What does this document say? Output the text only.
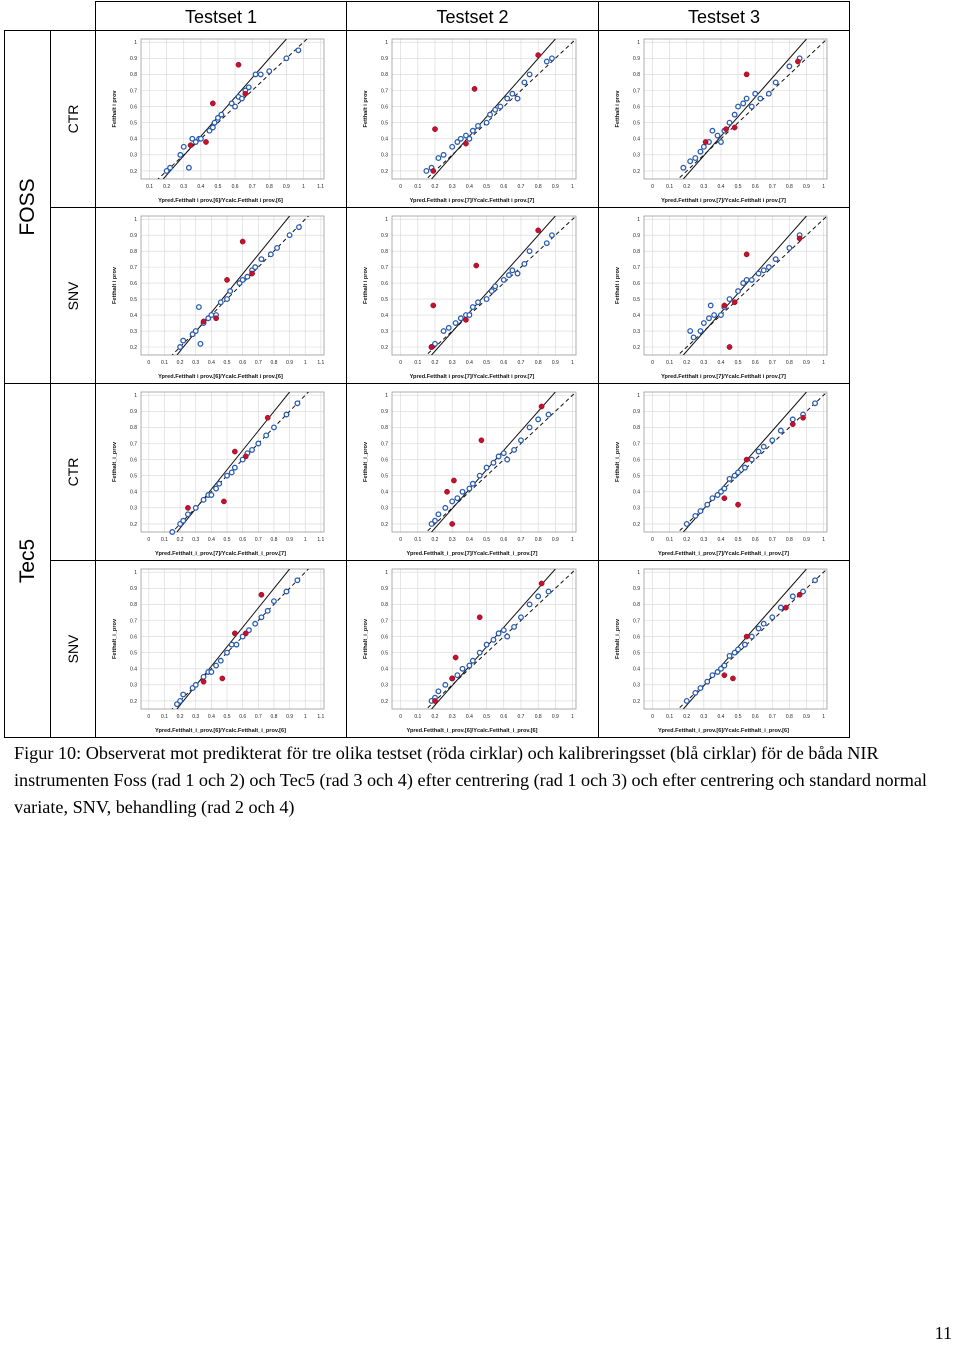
Testset 1	Testset 2	Testset 3
FOSS
Tec5
CTR
SNV
CTR
SNV
0.1 0.2 0.3 0.4 0.5 0.6 0.7 0.8 0.9 1 1.1
1
0.9
0.8
0.7
0.6
0.5
0.4
0.3
0.2
Ypred.Fetthalt i prov.[6]/Ycalc.Fetthalt i prov.[6]
Fetthalt i prov
0 0.1 0.2 0.3 0.4 0.5 0.6 0.7 0.8 0.9 1
1
0.9
0.8
0.7
0.6
0.5
0.4
0.3
0.2
Ypred.Fetthalt i prov.[7]/Ycalc.Fetthalt i prov.[7]
Fetthalt i prov
0 0.1 0.2 0.3 0.4 0.5 0.6 0.7 0.8 0.9 1
1
0.9
0.8
0.7
0.6
0.5
0.4
0.3
0.2
Ypred.Fetthalt i prov.[7]/Ycalc.Fetthalt i prov.[7]
Fetthalt i prov
0 0.1 0.2 0.3 0.4 0.5 0.6 0.7 0.8 0.9 1 1.1
1
0.9
0.8
0.7
0.6
0.5
0.4
0.3
0.2
Ypred.Fetthalt i prov.[6]/Ycalc.Fetthalt i prov.[6]
Fetthalt i prov
0 0.1 0.2 0.3 0.4 0.5 0.6 0.7 0.8 0.9 1
1
0.9
0.8
0.7
0.6
0.5
0.4
0.3
0.2
Ypred.Fetthalt i prov.[7]/Ycalc.Fetthalt i prov.[7]
Fetthalt i prov
0 0.1 0.2 0.3 0.4 0.5 0.6 0.7 0.8 0.9 1
1
0.9
0.8
0.7
0.6
0.5
0.4
0.3
0.2
Ypred.Fetthalt i prov.[7]/Ycalc.Fetthalt i prov.[7]
Fetthalt i prov
0 0.1 0.2 0.3 0.4 0.5 0.6 0.7 0.8 0.9 1 1.1
1
0.9
0.8
0.7
0.6
0.5
0.4
0.3
0.2
Ypred.Fetthalt_i_prov.[7]/Ycalc.Fetthalt_i_prov.[7]
Fetthalt_i_prov
0 0.1 0.2 0.3 0.4 0.5 0.6 0.7 0.8 0.9 1
1
0.9
0.8
0.7
0.6
0.5
0.4
0.3
0.2
Ypred.Fetthalt_i_prov.[7]/Ycalc.Fetthalt_i_prov.[7]
Fetthalt_i_prov
0 0.1 0.2 0.3 0.4 0.5 0.6 0.7 0.8 0.9 1
1
0.9
0.8
0.7
0.6
0.5
0.4
0.3
0.2
Ypred.Fetthalt_i_prov.[7]/Ycalc.Fetthalt_i_prov.[7]
Fetthalt_i_prov
0 0.1 0.2 0.3 0.4 0.5 0.6 0.7 0.8 0.9 1 1.1
1
0.9
0.8
0.7
0.6
0.5
0.4
0.3
0.2
Ypred.Fetthalt_i_prov.[6]/Ycalc.Fetthalt_i_prov.[6]
Fetthalt_i_prov
0 0.1 0.2 0.3 0.4 0.5 0.6 0.7 0.8 0.9 1
1
0.9
0.8
0.7
0.6
0.5
0.4
0.3
0.2
Ypred.Fetthalt_i_prov.[6]/Ycalc.Fetthalt_i_prov.[6]
Fetthalt_i_prov
0 0.1 0.2 0.3 0.4 0.5 0.6 0.7 0.8 0.9 1
1
0.9
0.8
0.7
0.6
0.5
0.4
0.3
0.2
Ypred.Fetthalt_i_prov.[6]/Ycalc.Fetthalt_i_prov.[6]
Fetthalt_i_prov
Figur 10: Observerat mot predikterat för tre olika testset (röda cirklar) och kalibreringsset (blå cirklar) för de båda NIR instrumenten Foss (rad 1 och 2) och Tec5 (rad 3 och 4) efter centrering (rad 1 och 3) och efter centrering och standard normal variate, SNV, behandling (rad 2 och 4)
11
